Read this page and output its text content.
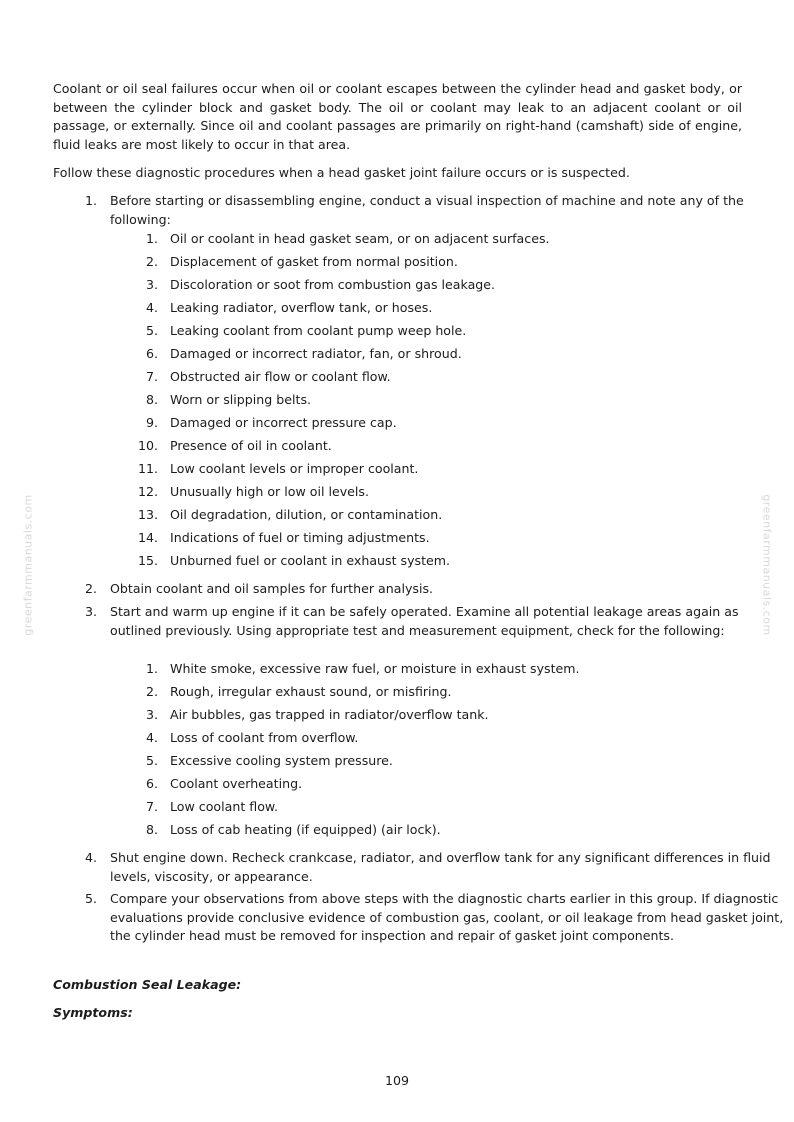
greenfarmmanuals.com	greenfarmmanuals.com

Coolant or oil seal failures occur when oil or coolant escapes between the cylinder head and gasket body, or between the cylinder block and gasket body. The oil or coolant may leak to an adjacent coolant or oil passage, or externally. Since oil and coolant passages are primarily on right-hand (camshaft) side of engine, fluid leaks are most likely to occur in that area.

Follow these diagnostic procedures when a head gasket joint failure occurs or is suspected.

1. Before starting or disassembling engine, conduct a visual inspection of machine and note any of the following:
1. Oil or coolant in head gasket seam, or on adjacent surfaces.
2. Displacement of gasket from normal position.
3. Discoloration or soot from combustion gas leakage.
4. Leaking radiator, overflow tank, or hoses.
5. Leaking coolant from coolant pump weep hole.
6. Damaged or incorrect radiator, fan, or shroud.
7. Obstructed air flow or coolant flow.
8. Worn or slipping belts.
9. Damaged or incorrect pressure cap.
10. Presence of oil in coolant.
11. Low coolant levels or improper coolant.
12. Unusually high or low oil levels.
13. Oil degradation, dilution, or contamination.
14. Indications of fuel or timing adjustments.
15. Unburned fuel or coolant in exhaust system.
2. Obtain coolant and oil samples for further analysis.
3. Start and warm up engine if it can be safely operated. Examine all potential leakage areas again as outlined previously. Using appropriate test and measurement equipment, check for the following:
1. White smoke, excessive raw fuel, or moisture in exhaust system.
2. Rough, irregular exhaust sound, or misfiring.
3. Air bubbles, gas trapped in radiator/overflow tank.
4. Loss of coolant from overflow.
5. Excessive cooling system pressure.
6. Coolant overheating.
7. Low coolant flow.
8. Loss of cab heating (if equipped) (air lock).
4. Shut engine down. Recheck crankcase, radiator, and overflow tank for any significant differences in fluid levels, viscosity, or appearance.
5. Compare your observations from above steps with the diagnostic charts earlier in this group. If diagnostic evaluations provide conclusive evidence of combustion gas, coolant, or oil leakage from head gasket joint, the cylinder head must be removed for inspection and repair of gasket joint components.
Combustion Seal Leakage:
Symptoms:
109
